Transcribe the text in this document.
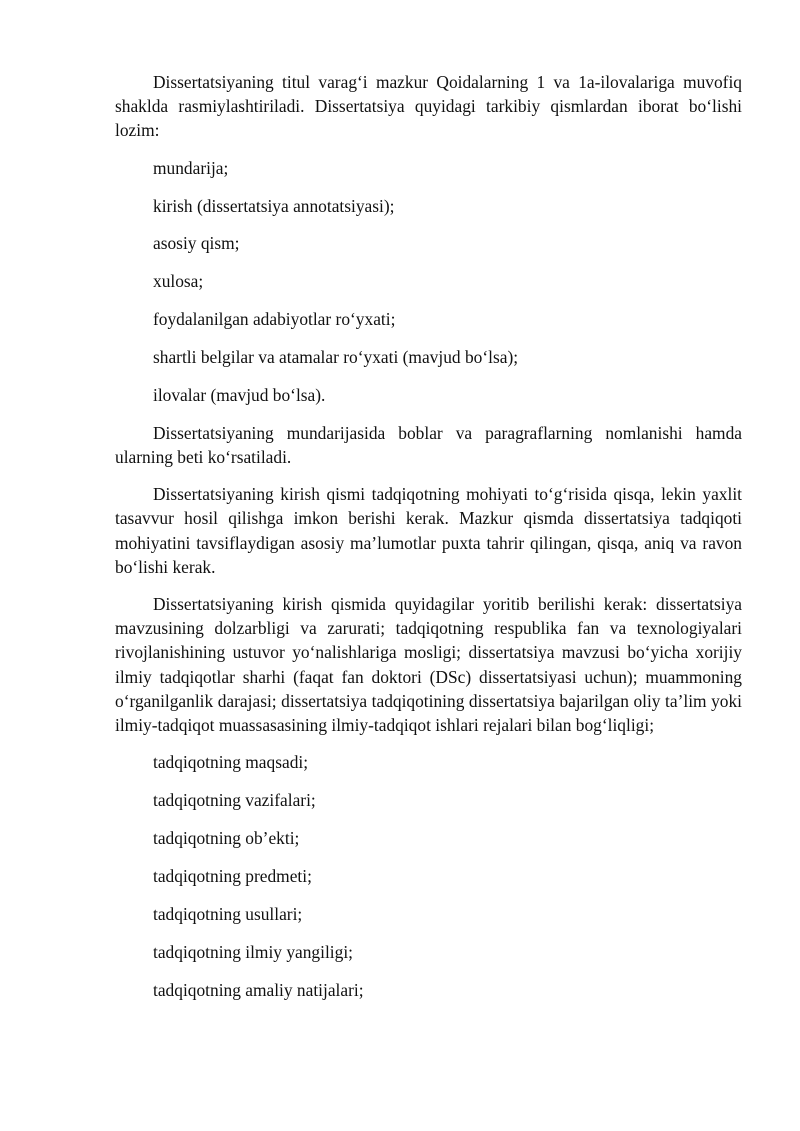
Dissertatsiyaning titul varag‘i mazkur Qoidalarning 1 va 1a-ilovalariga muvofiq shaklda rasmiylashtiriladi. Dissertatsiya quyidagi tarkibiy qismlardan iborat bo‘lishi lozim:

mundarija;
kirish (dissertatsiya annotatsiyasi);
asosiy qism;
xulosa;
foydalanilgan adabiyotlar ro‘yxati;
shartli belgilar va atamalar ro‘yxati (mavjud bo‘lsa);
ilovalar (mavjud bo‘lsa).

Dissertatsiyaning mundarijasida boblar va paragraflarning nomlanishi hamda ularning beti ko‘rsatiladi.

Dissertatsiyaning kirish qismi tadqiqotning mohiyati to‘g‘risida qisqa, lekin yaxlit tasavvur hosil qilishga imkon berishi kerak. Mazkur qismda dissertatsiya tadqiqoti mohiyatini tavsiflaydigan asosiy ma’lumotlar puxta tahrir qilingan, qisqa, aniq va ravon bo‘lishi kerak.

Dissertatsiyaning kirish qismida quyidagilar yoritib berilishi kerak: dissertatsiya mavzusining dolzarbligi va zarurati; tadqiqotning respublika fan va texnologiyalari rivojlanishining ustuvor yo‘nalishlariga mosligi; dissertatsiya mavzusi bo‘yicha xorijiy ilmiy tadqiqotlar sharhi (faqat fan doktori (DSc) dissertatsiyasi uchun); muammoning o‘rganilganlik darajasi; dissertatsiya tadqiqotining dissertatsiya bajarilgan oliy ta’lim yoki ilmiy-tadqiqot muassasasining ilmiy-tadqiqot ishlari rejalari bilan bog‘liqligi;

tadqiqotning maqsadi;
tadqiqotning vazifalari;
tadqiqotning ob’ekti;
tadqiqotning predmeti;
tadqiqotning usullari;
tadqiqotning ilmiy yangiligi;
tadqiqotning amaliy natijalari;
